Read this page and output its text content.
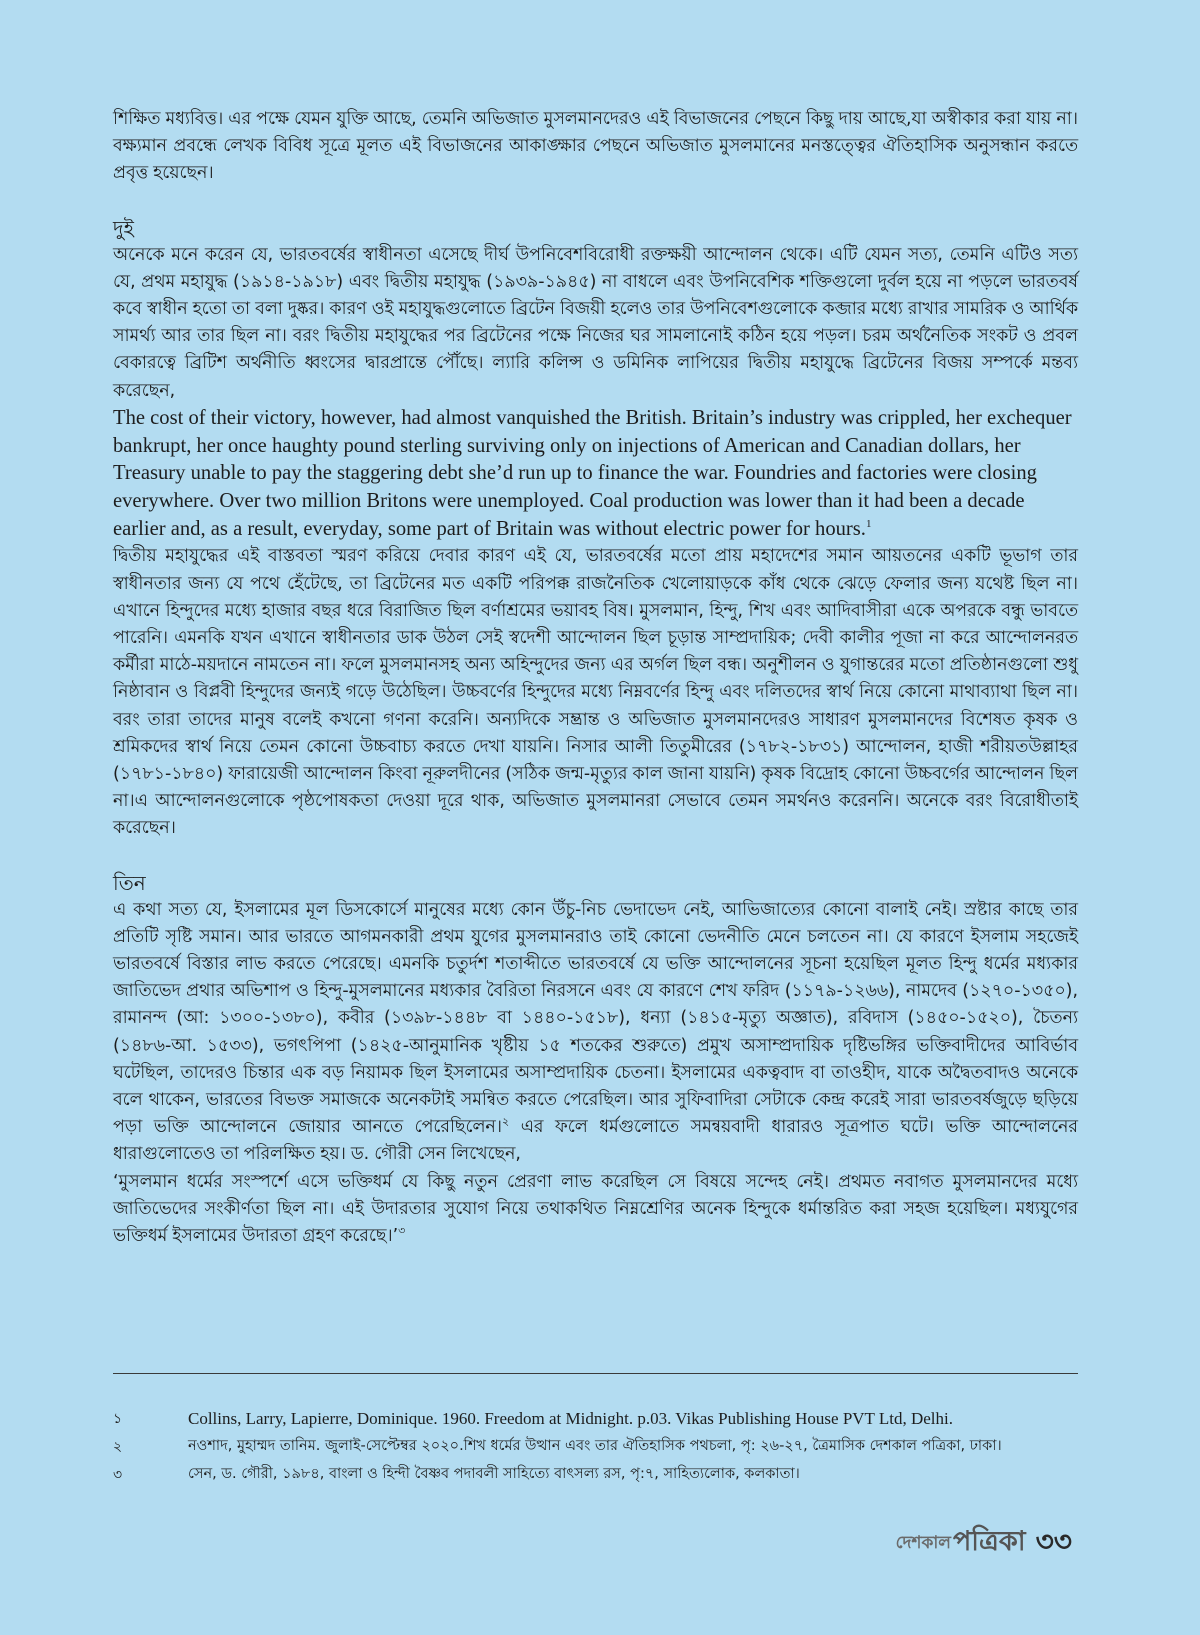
শিক্ষিত মধ্যবিত্ত। এর পক্ষে যেমন যুক্তি আছে, তেমনি অভিজাত মুসলমানদেরও এই বিভাজনের পেছনে কিছু দায় আছে,যা অস্বীকার করা যায় না। বক্ষ্যমান প্রবন্ধে লেখক বিবিধ সূত্রে মূলত এই বিভাজনের আকাঙ্ক্ষার পেছনে অভিজাত মুসলমানের মনস্তত্ত্বের ঐতিহাসিক অনুসন্ধান করতে প্রবৃত্ত হয়েছেন।

দুই

অনেকে মনে করেন যে, ভারতবর্ষের স্বাধীনতা এসেছে দীর্ঘ উপনিবেশবিরোধী রক্তক্ষয়ী আন্দোলন থেকে। এটি যেমন সত্য, তেমনি এটিও সত্য যে, প্রথম মহাযুদ্ধ (১৯১৪-১৯১৮) এবং দ্বিতীয় মহাযুদ্ধ (১৯৩৯-১৯৪৫) না বাধলে এবং উপনিবেশিক শক্তিগুলো দুর্বল হয়ে না পড়লে ভারতবর্ষ কবে স্বাধীন হতো তা বলা দুষ্কর। কারণ ওই মহাযুদ্ধগুলোতে ব্রিটেন বিজয়ী হলেও তার উপনিবেশগুলোকে কব্জার মধ্যে রাখার সামরিক ও আর্থিক সামর্থ্য আর তার ছিল না। বরং দ্বিতীয় মহাযুদ্ধের পর ব্রিটেনের পক্ষে নিজের ঘর সামলানোই কঠিন হয়ে পড়ল। চরম অর্থনৈতিক সংকট ও প্রবল বেকারত্বে ব্রিটিশ অর্থনীতি ধ্বংসের দ্বারপ্রান্তে পৌঁছে। ল্যারি কলিন্স ও ডমিনিক লাপিয়ের দ্বিতীয় মহাযুদ্ধে ব্রিটেনের বিজয় সম্পর্কে মন্তব্য করেছেন,

The cost of their victory, however, had almost vanquished the British. Britain’s industry was crippled, her exchequer bankrupt, her once haughty pound sterling surviving only on injections of American and Canadian dollars, her Treasury unable to pay the staggering debt she’d run up to finance the war. Foundries and factories were closing everywhere. Over two million Britons were unemployed. Coal production was lower than it had been a decade earlier and, as a result, everyday, some part of Britain was without electric power for hours.$^1$

দ্বিতীয় মহাযুদ্ধের এই বাস্তবতা স্মরণ করিয়ে দেবার কারণ এই যে, ভারতবর্ষের মতো প্রায় মহাদেশের সমান আয়তনের একটি ভূভাগ তার স্বাধীনতার জন্য যে পথে হেঁটেছে, তা ব্রিটেনের মত একটি পরিপক্ক রাজনৈতিক খেলোয়াড়কে কাঁধ থেকে ঝেড়ে ফেলার জন্য যথেষ্ট ছিল না। এখানে হিন্দুদের মধ্যে হাজার বছর ধরে বিরাজিত ছিল বর্ণাশ্রমের ভয়াবহ বিষ। মুসলমান, হিন্দু, শিখ এবং আদিবাসীরা একে অপরকে বন্ধু ভাবতে পারেনি। এমনকি যখন এখানে স্বাধীনতার ডাক উঠল সেই স্বদেশী আন্দোলন ছিল চূড়ান্ত সাম্প্রদায়িক; দেবী কালীর পূজা না করে আন্দোলনরত কর্মীরা মাঠে-ময়দানে নামতেন না। ফলে মুসলমানসহ অন্য অহিন্দুদের জন্য এর অর্গল ছিল বন্ধ। অনুশীলন ও যুগান্তরের মতো প্রতিষ্ঠানগুলো শুধু নিষ্ঠাবান ও বিপ্লবী হিন্দুদের জন্যই গড়ে উঠেছিল। উচ্চবর্ণের হিন্দুদের মধ্যে নিম্নবর্ণের হিন্দু এবং দলিতদের স্বার্থ নিয়ে কোনো মাথাব্যাথা ছিল না। বরং তারা তাদের মানুষ বলেই কখনো গণনা করেনি। অন্যদিকে সম্ভ্রান্ত ও অভিজাত মুসলমানদেরও সাধারণ মুসলমানদের বিশেষত কৃষক ও শ্রমিকদের স্বার্থ নিয়ে তেমন কোনো উচ্চবাচ্য করতে দেখা যায়নি। নিসার আলী তিতুমীরের (১৭৮২-১৮৩১) আন্দোলন, হাজী শরীয়তউল্লাহর (১৭৮১-১৮৪০) ফারায়েজী আন্দোলন কিংবা নূরুলদীনের (সঠিক জন্ম-মৃত্যুর কাল জানা যায়নি) কৃষক বিদ্রোহ কোনো উচ্চবর্গের আন্দোলন ছিল না।এ আন্দোলনগুলোকে পৃষ্ঠপোষকতা দেওয়া দূরে থাক, অভিজাত মুসলমানরা সেভাবে তেমন সমর্থনও করেননি। অনেকে বরং বিরোধীতাই করেছেন।

তিন

এ কথা সত্য যে, ইসলামের মূল ডিসকোর্সে মানুষের মধ্যে কোন উঁচু-নিচ ভেদাভেদ নেই, আভিজাত্যের কোনো বালাই নেই। স্রষ্টার কাছে তার প্রতিটি সৃষ্টি সমান। আর ভারতে আগমনকারী প্রথম যুগের মুসলমানরাও তাই কোনো ভেদনীতি মেনে চলতেন না। যে কারণে ইসলাম সহজেই ভারতবর্ষে বিস্তার লাভ করতে পেরেছে। এমনকি চতুর্দশ শতাব্দীতে ভারতবর্ষে যে ভক্তি আন্দোলনের সূচনা হয়েছিল মূলত হিন্দু ধর্মের মধ্যকার জাতিভেদ প্রথার অভিশাপ ও হিন্দু-মুসলমানের মধ্যকার বৈরিতা নিরসনে এবং যে কারণে শেখ ফরিদ (১১৭৯-১২৬৬), নামদেব (১২৭০-১৩৫০), রামানন্দ (আ: ১৩০০-১৩৮০), কবীর (১৩৯৮-১৪৪৮ বা ১৪৪০-১৫১৮), ধন্যা (১৪১৫-মৃত্যু অজ্ঞাত), রবিদাস (১৪৫০-১৫২০), চৈতন্য (১৪৮৬-আ. ১৫৩৩), ভগৎপিপা (১৪২৫-আনুমানিক খৃষ্টীয় ১৫ শতকের শুরুতে) প্রমুখ অসাম্প্রদায়িক দৃষ্টিভঙ্গির ভক্তিবাদীদের আবির্ভাব ঘটেছিল, তাদেরও চিন্তার এক বড় নিয়ামক ছিল ইসলামের অসাম্প্রদায়িক চেতনা। ইসলামের একত্ববাদ বা তাওহীদ, যাকে অদ্বৈতবাদও অনেকে বলে থাকেন, ভারতের বিভক্ত সমাজকে অনেকটাই সমন্বিত করতে পেরেছিল। আর সুফিবাদিরা সেটাকে কেন্দ্র করেই সারা ভারতবর্ষজুড়ে ছড়িয়ে পড়া ভক্তি আন্দোলনে জোয়ার আনতে পেরেছিলেন।$^২$ এর ফলে ধর্মগুলোতে সমন্বয়বাদী ধারারও সূত্রপাত ঘটে। ভক্তি আন্দোলনের ধারাগুলোতেও তা পরিলক্ষিত হয়। ড. গৌরী সেন লিখেছেন,

‘মুসলমান ধর্মের সংস্পর্শে এসে ভক্তিধর্ম যে কিছু নতুন প্রেরণা লাভ করেছিল সে বিষয়ে সন্দেহ নেই। প্রথমত নবাগত মুসলমানদের মধ্যে জাতিভেদের সংকীর্ণতা ছিল না। এই উদারতার সুযোগ নিয়ে তথাকথিত নিম্নশ্রেণির অনেক হিন্দুকে ধর্মান্তরিত করা সহজ হয়েছিল। মধ্যযুগের ভক্তিধর্ম ইসলামের উদারতা গ্রহণ করেছে।’$^৩$

১	Collins, Larry, Lapierre, Dominique. 1960. Freedom at Midnight. p.03. Vikas Publishing House PVT Ltd, Delhi.
২	নওশাদ, মুহাম্মদ তানিম. জুলাই-সেপ্টেম্বর ২০২০.শিখ ধর্মের উত্থান এবং তার ঐতিহাসিক পথচলা, পৃ: ২৬-২৭, ত্রৈমাসিক দেশকাল পত্রিকা, ঢাকা।
৩	সেন, ড. গৌরী, ১৯৮৪, বাংলা ও হিন্দী বৈষ্ণব পদাবলী সাহিত্যে বাৎসল্য রস, পৃ:৭, সাহিত্যলোক, কলকাতা।
দেশকাল পত্রিকা ৩৩
